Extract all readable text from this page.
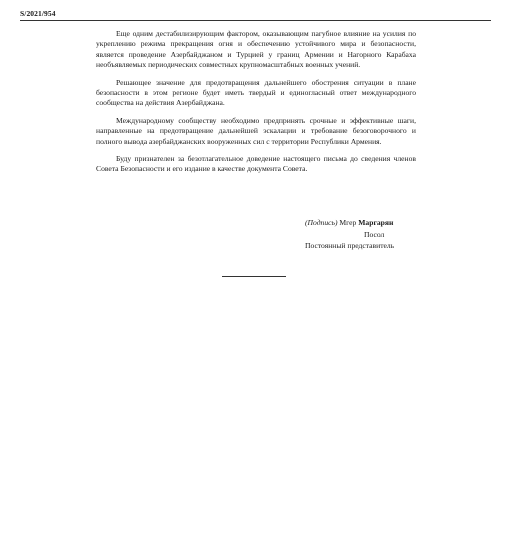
S/2021/954

Еще одним дестабилизирующим фактором, оказывающим пагубное влияние на усилия по укреплению режима прекращения огня и обеспечению устойчивого мира и безопасности, является проведение Азербайджаном и Турцией у границ Армении и Нагорного Карабаха необъявляемых периодических совместных крупномасштабных военных учений.

Решающее значение для предотвращения дальнейшего обострения ситуации в плане безопасности в этом регионе будет иметь твердый и единогласный ответ международного сообщества на действия Азербайджана.

Международному сообществу необходимо предпринять срочные и эффективные шаги, направленные на предотвращение дальнейшей эскалации и требование безоговорочного и полного вывода азербайджанских вооруженных сил с территории Республики Армения.

Буду признателен за безотлагательное доведение настоящего письма до сведения членов Совета Безопасности и его издание в качестве документа Совета.

(Подпись) Мгер Маргарян
Посол
Постоянный представитель
